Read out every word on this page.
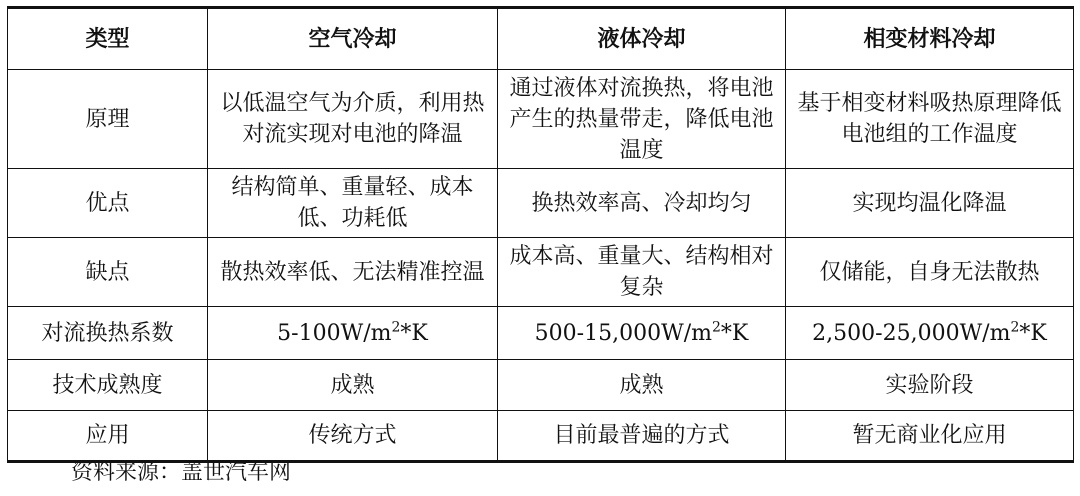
类型	空气冷却	液体冷却	相变材料冷却
原理	以低温空气为介质，利用热对流实现对电池的降温	通过液体对流换热，将电池产生的热量带走，降低电池温度	基于相变材料吸热原理降低电池组的工作温度
优点	结构简单、重量轻、成本低、功耗低	换热效率高、冷却均匀	实现均温化降温
缺点	散热效率低、无法精准控温	成本高、重量大、结构相对复杂	仅储能，自身无法散热
对流换热系数	$5-100W/m^2*K$	$500-15,000W/m^2*K$	$2,500-25,000W/m^2*K$
技术成熟度	成熟	成熟	实验阶段
应用	传统方式	目前最普遍的方式	暂无商业化应用
资料来源：盖世汽车网
